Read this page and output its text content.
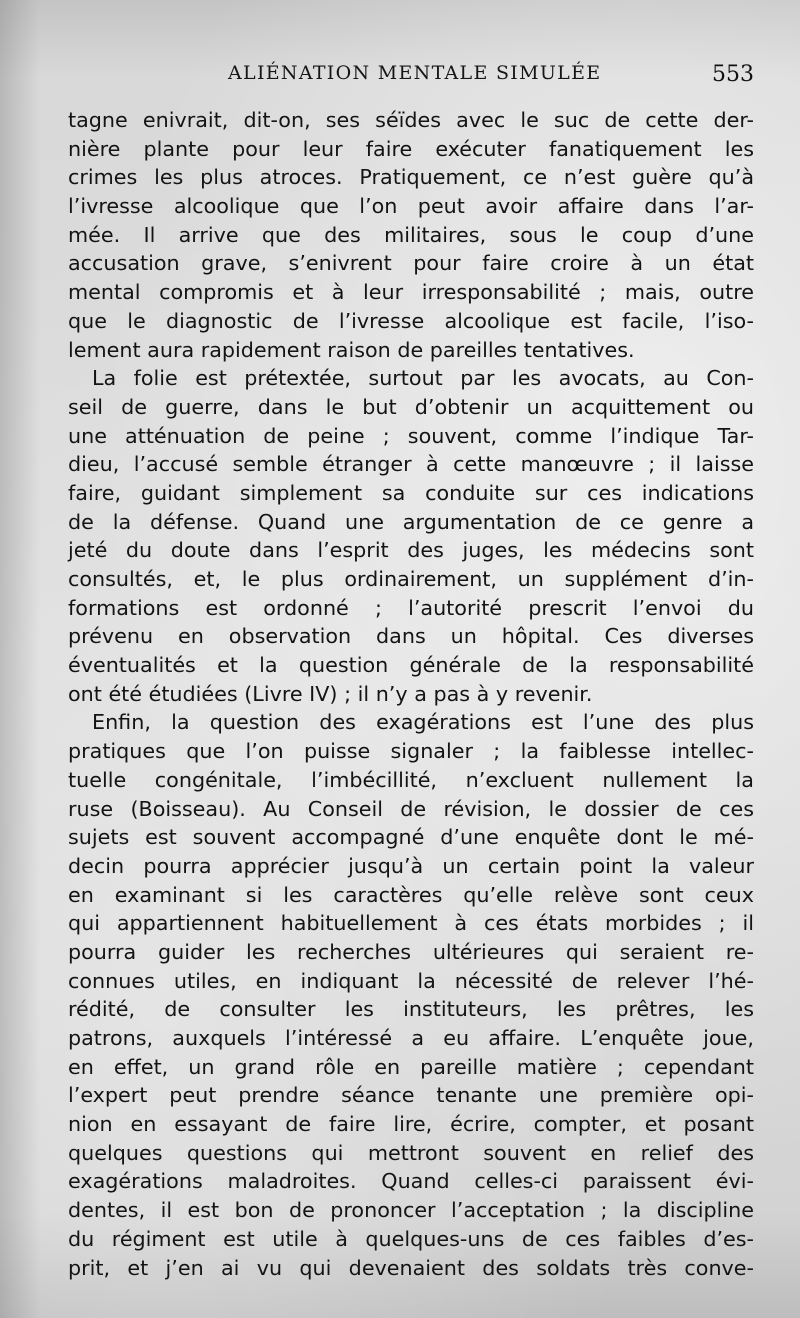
ALIÉNATION MENTALE SIMULÉE	553
tagne enivrait, dit-on, ses séïdes avec le suc de cette der-
nière plante pour leur faire exécuter fanatiquement les
crimes les plus atroces. Pratiquement, ce n’est guère qu’à
l’ivresse alcoolique que l’on peut avoir affaire dans l’ar-
mée. Il arrive que des militaires, sous le coup d’une
accusation grave, s’enivrent pour faire croire à un état
mental compromis et à leur irresponsabilité ; mais, outre
que le diagnostic de l’ivresse alcoolique est facile, l’iso-
lement aura rapidement raison de pareilles tentatives.
La folie est prétextée, surtout par les avocats, au Con-
seil de guerre, dans le but d’obtenir un acquittement ou
une atténuation de peine ; souvent, comme l’indique Tar-
dieu, l’accusé semble étranger à cette manœuvre ; il laisse
faire, guidant simplement sa conduite sur ces indications
de la défense. Quand une argumentation de ce genre a
jeté du doute dans l’esprit des juges, les médecins sont
consultés, et, le plus ordinairement, un supplément d’in-
formations est ordonné ; l’autorité prescrit l’envoi du
prévenu en observation dans un hôpital. Ces diverses
éventualités et la question générale de la responsabilité
ont été étudiées (Livre IV) ; il n’y a pas à y revenir.
Enfin, la question des exagérations est l’une des plus
pratiques que l’on puisse signaler ; la faiblesse intellec-
tuelle congénitale, l’imbécillité, n’excluent nullement la
ruse (Boisseau). Au Conseil de révision, le dossier de ces
sujets est souvent accompagné d’une enquête dont le mé-
decin pourra apprécier jusqu’à un certain point la valeur
en examinant si les caractères qu’elle relève sont ceux
qui appartiennent habituellement à ces états morbides ; il
pourra guider les recherches ultérieures qui seraient re-
connues utiles, en indiquant la nécessité de relever l’hé-
rédité, de consulter les instituteurs, les prêtres, les
patrons, auxquels l’intéressé a eu affaire. L’enquête joue,
en effet, un grand rôle en pareille matière ; cependant
l’expert peut prendre séance tenante une première opi-
nion en essayant de faire lire, écrire, compter, et posant
quelques questions qui mettront souvent en relief des
exagérations maladroites. Quand celles-ci paraissent évi-
dentes, il est bon de prononcer l’acceptation ; la discipline
du régiment est utile à quelques-uns de ces faibles d’es-
prit, et j’en ai vu qui devenaient des soldats très conve-
